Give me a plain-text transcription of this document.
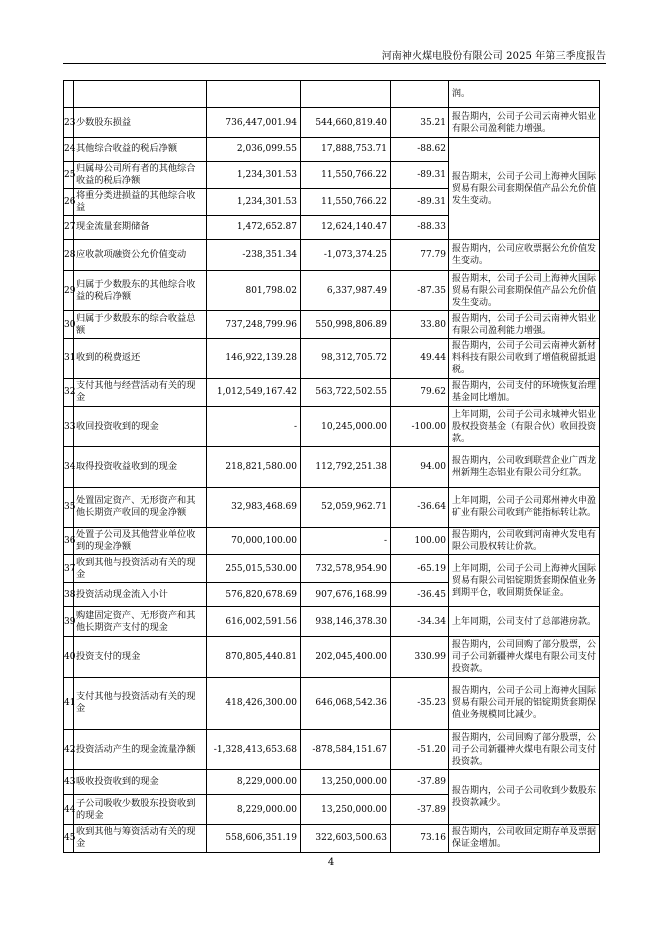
河南神火煤电股份有限公司 2025 年第三季度报告
					润。
23	少数股东损益	736,447,001.94	544,660,819.40	35.21	报告期内，公司子公司云南神火铝业有限公司盈利能力增强。
24	其他综合收益的税后净额	2,036,099.55	17,888,753.71	-88.62	报告期末，公司子公司上海神火国际贸易有限公司套期保值产品公允价值发生变动。
25	归属母公司所有者的其他综合收益的税后净额	1,234,301.53	11,550,766.22	-89.31	
26	将重分类进损益的其他综合收益	1,234,301.53	11,550,766.22	-89.31	
27	现金流量套期储备	1,472,652.87	12,624,140.47	-88.33	
28	应收款项融资公允价值变动	-238,351.34	-1,073,374.25	77.79	报告期内，公司应收票据公允价值发生变动。
29	归属于少数股东的其他综合收益的税后净额	801,798.02	6,337,987.49	-87.35	报告期末，公司子公司上海神火国际贸易有限公司套期保值产品公允价值发生变动。
30	归属于少数股东的综合收益总额	737,248,799.96	550,998,806.89	33.80	报告期内，公司子公司云南神火铝业有限公司盈利能力增强。
31	收到的税费返还	146,922,139.28	98,312,705.72	49.44	报告期内，公司子公司云南神火新材料科技有限公司收到了增值税留抵退税。
32	支付其他与经营活动有关的现金	1,012,549,167.42	563,722,502.55	79.62	报告期内，公司支付的环境恢复治理基金同比增加。
33	收回投资收到的现金	-	10,245,000.00	-100.00	上年同期，公司子公司永城神火铝业股权投资基金（有限合伙）收回投资款。
34	取得投资收益收到的现金	218,821,580.00	112,792,251.38	94.00	报告期内，公司收到联营企业广西龙州新翔生态铝业有限公司分红款。
35	处置固定资产、无形资产和其他长期资产收回的现金净额	32,983,468.69	52,059,962.71	-36.64	上年同期，公司子公司郑州神火申盈矿业有限公司收到产能指标转让款。
36	处置子公司及其他营业单位收到的现金净额	70,000,100.00	-	100.00	报告期内，公司收到河南神火发电有限公司股权转让价款。
37	收到其他与投资活动有关的现金	255,015,530.00	732,578,954.90	-65.19	上年同期，公司子公司上海神火国际贸易有限公司铝锭期货套期保值业务到期平仓，收回期货保证金。
38	投资活动现金流入小计	576,820,678.69	907,676,168.99	-36.45	
39	购建固定资产、无形资产和其他长期资产支付的现金	616,002,591.56	938,146,378.30	-34.34	上年同期，公司支付了总部港房款。
40	投资支付的现金	870,805,440.81	202,045,400.00	330.99	报告期内，公司回购了部分股票，公司子公司新疆神火煤电有限公司支付投资款。
41	支付其他与投资活动有关的现金	418,426,300.00	646,068,542.36	-35.23	报告期内，公司子公司上海神火国际贸易有限公司开展的铝锭期货套期保值业务规模同比减少。
42	投资活动产生的现金流量净额	-1,328,413,653.68	-878,584,151.67	-51.20	报告期内，公司回购了部分股票，公司子公司新疆神火煤电有限公司支付投资款。
43	吸收投资收到的现金	8,229,000.00	13,250,000.00	-37.89	报告期内，公司子公司收到少数股东投资款减少。
44	子公司吸收少数股东投资收到的现金	8,229,000.00	13,250,000.00	-37.89	
45	收到其他与筹资活动有关的现金	558,606,351.19	322,603,500.63	73.16	报告期内，公司收回定期存单及票据保证金增加。
4
